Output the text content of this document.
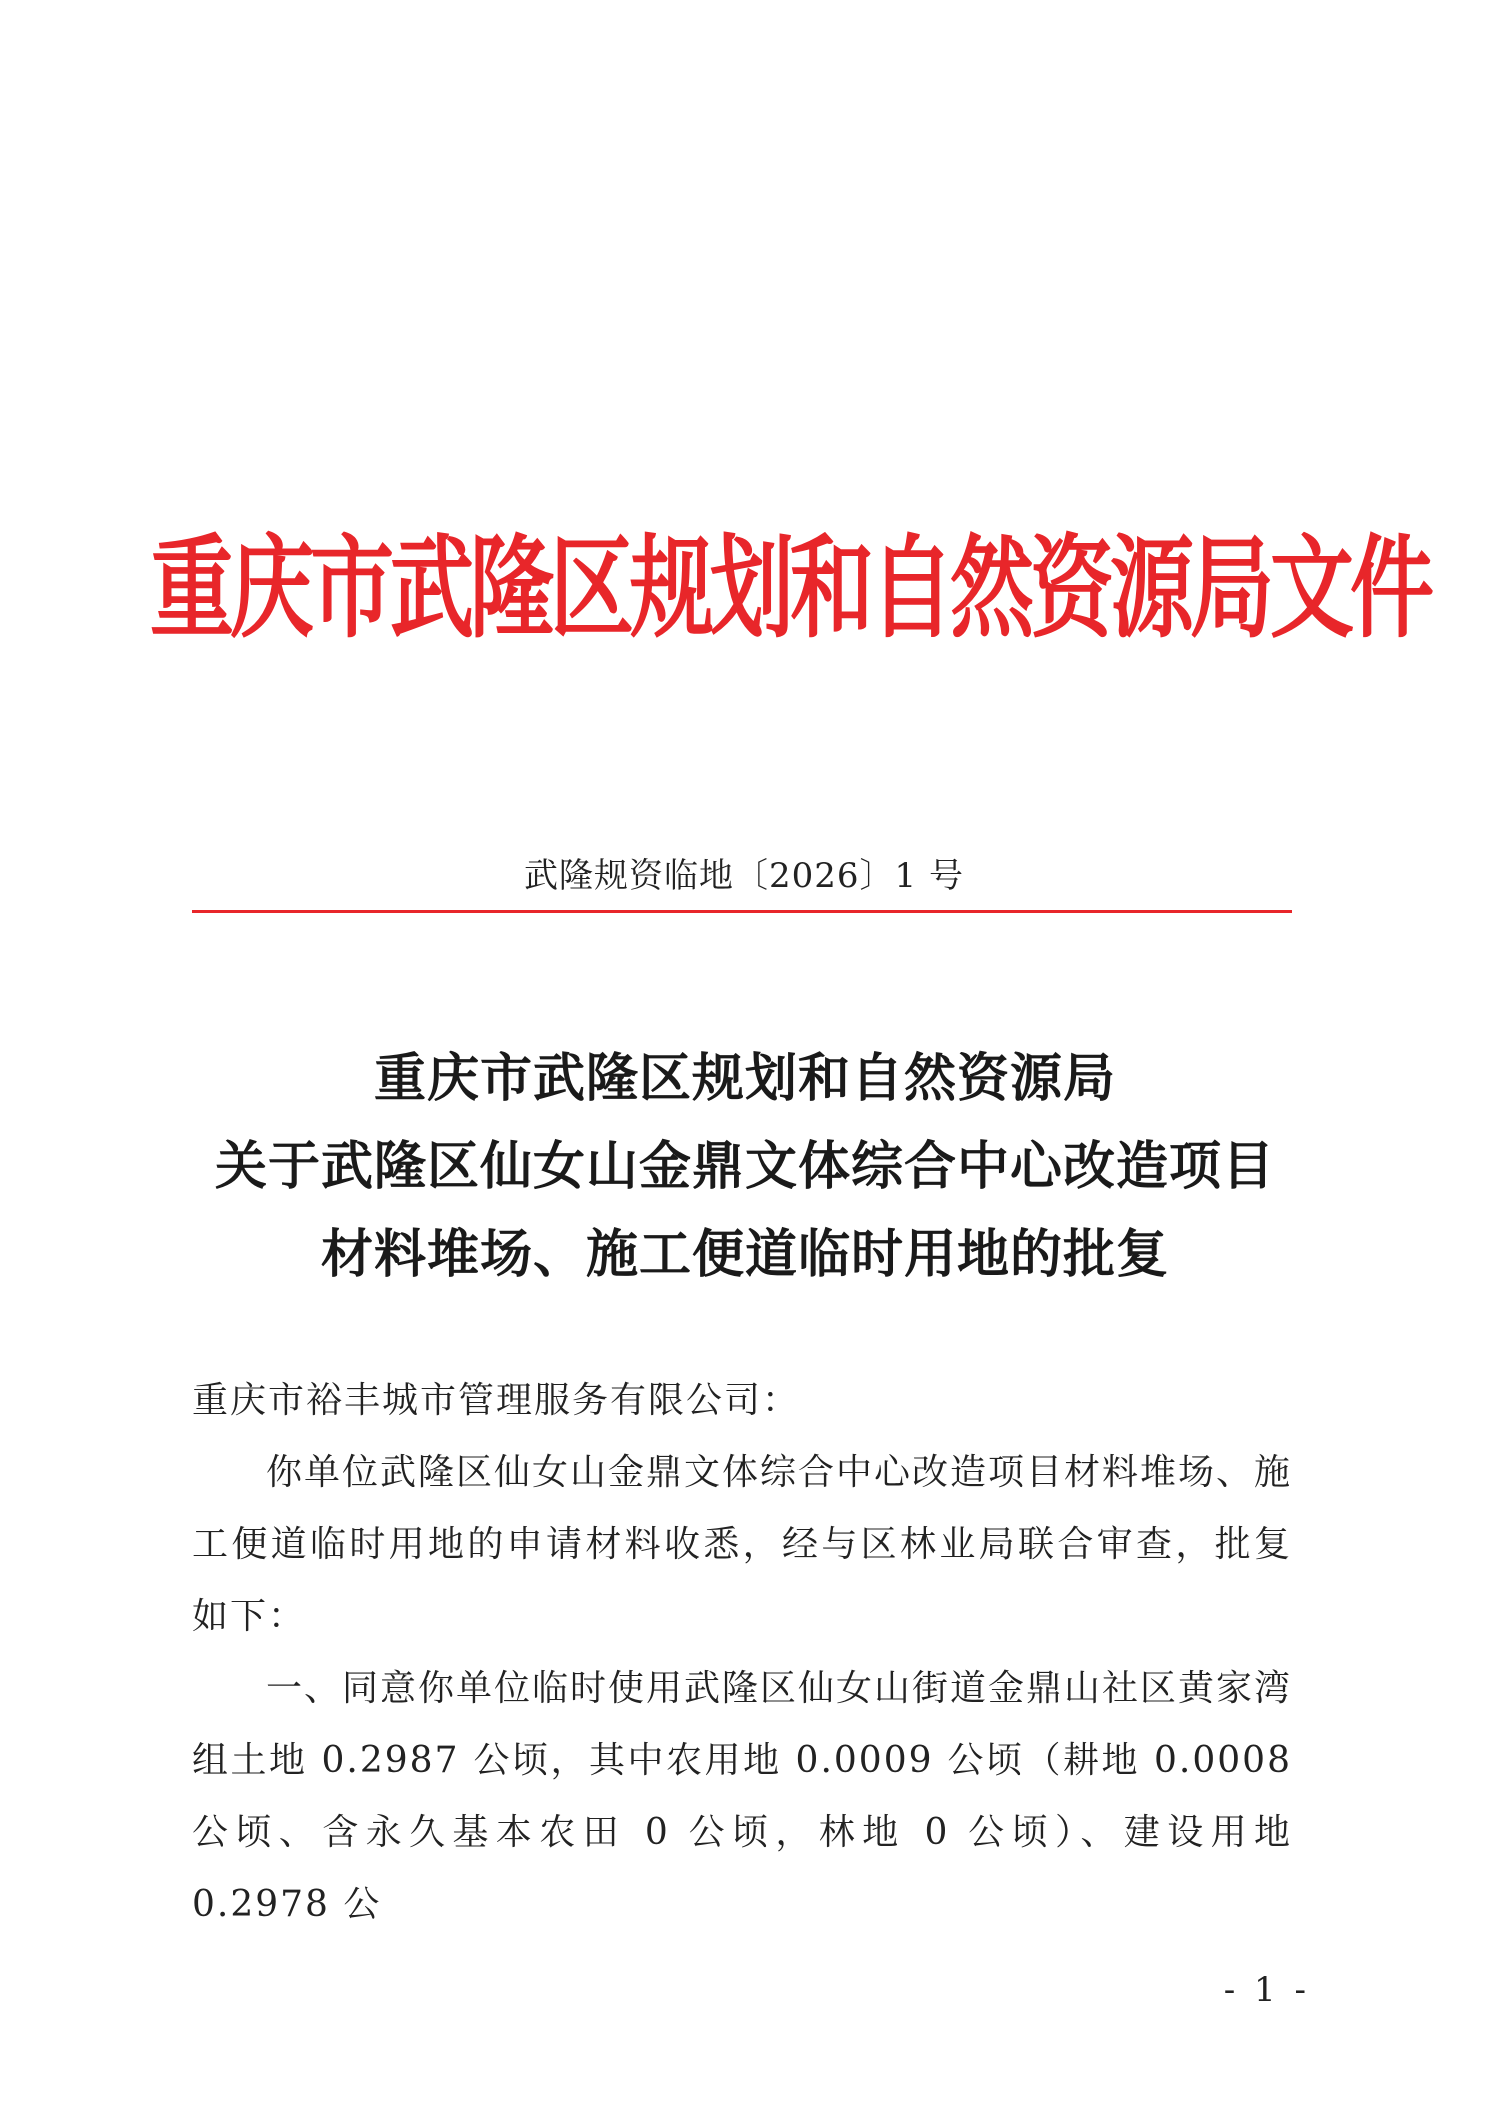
重庆市武隆区规划和自然资源局文件
武隆规资临地〔2026〕1 号
重庆市武隆区规划和自然资源局
关于武隆区仙女山金鼎文体综合中心改造项目
材料堆场、施工便道临时用地的批复

重庆市裕丰城市管理服务有限公司：

你单位武隆区仙女山金鼎文体综合中心改造项目材料堆场、施工便道临时用地的申请材料收悉，经与区林业局联合审查，批复如下：

一、同意你单位临时使用武隆区仙女山街道金鼎山社区黄家湾组土地 0.2987 公顷，其中农用地 0.0009 公顷（耕地 0.0008 公顷、含永久基本农田 0 公顷，林地 0 公顷）、建设用地 0.2978 公

- 1 -
